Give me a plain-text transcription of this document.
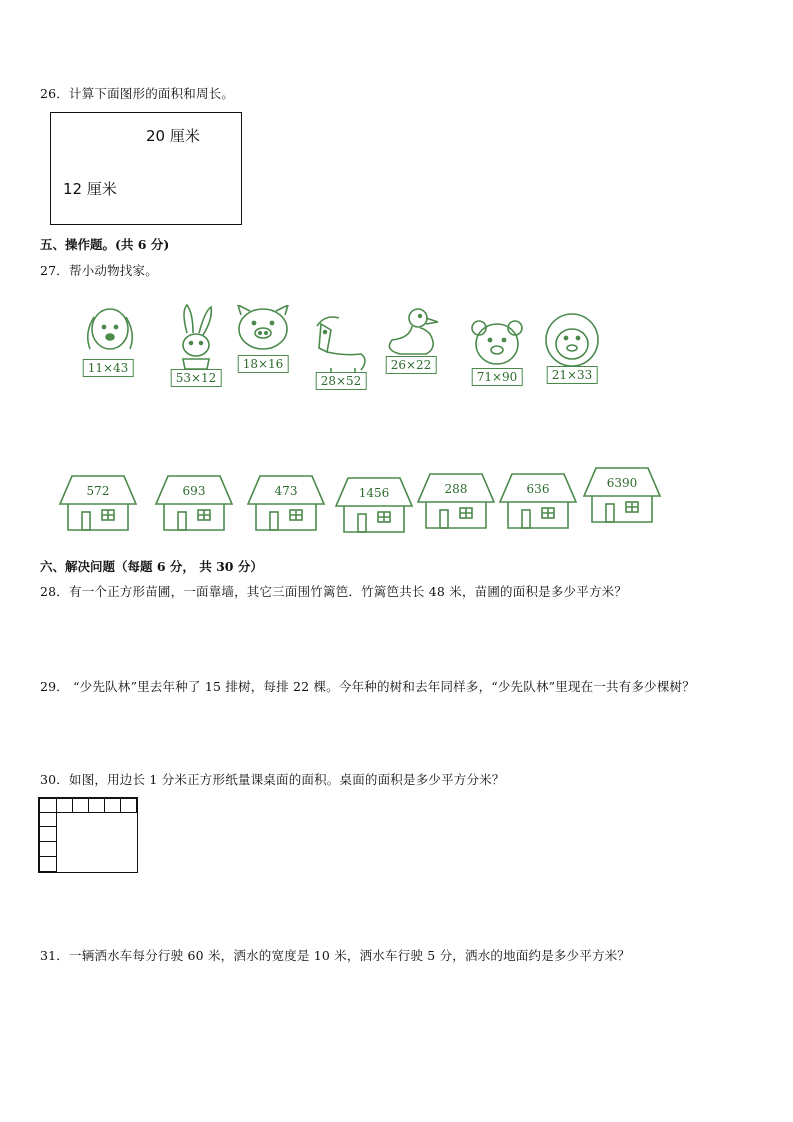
26．计算下面图形的面积和周长。
20 厘米
12 厘米
五、操作题。(共 6 分)
27．帮小动物找家。
11×43
53×12
18×16
28×52
26×22
71×90	21×33
572	693	473	1456	288	636	6390
六、解决问题（每题 6 分， 共 30 分）
28．有一个正方形苗圃，一面靠墙，其它三面围竹篱笆．竹篱笆共长 48 米，苗圃的面积是多少平方米？
29． “少先队林”里去年种了 15 排树，每排 22 棵。今年种的树和去年同样多，“少先队林”里现在一共有多少棵树？
30．如图，用边长 1 分米正方形纸量课桌面的面积。桌面的面积是多少平方分米？
31．一辆洒水车每分行驶 60 米，洒水的宽度是 10 米，洒水车行驶 5 分，洒水的地面约是多少平方米？
